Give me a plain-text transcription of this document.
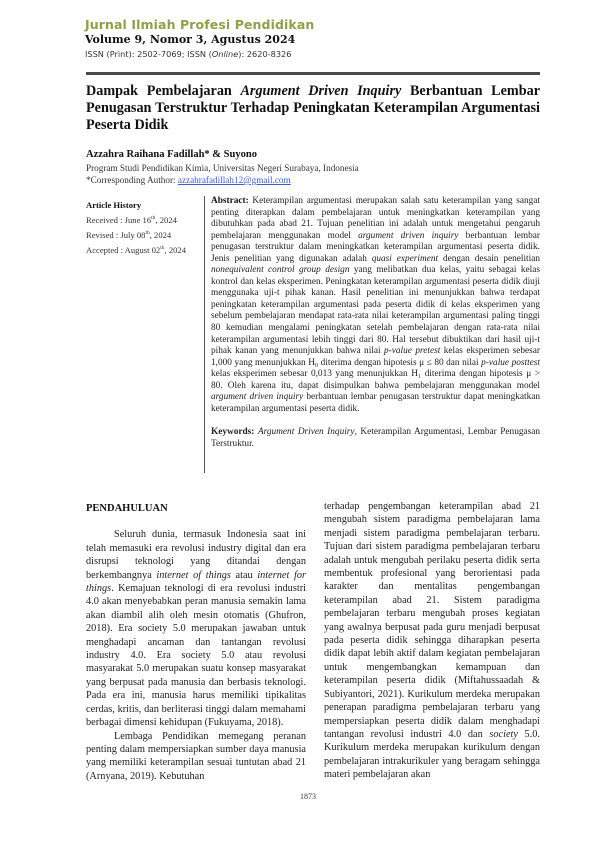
Jurnal Ilmiah Profesi Pendidikan
Volume 9, Nomor 3, Agustus 2024
ISSN (Print): 2502-7069; ISSN (Online): 2620-8326
Dampak Pembelajaran Argument Driven Inquiry Berbantuan Lembar Penugasan Terstruktur Terhadap Peningkatan Keterampilan Argumentasi Peserta Didik
Azzahra Raihana Fadillah* & Suyono
Program Studi Pendidikan Kimia, Universitas Negeri Surabaya, Indonesia
*Corresponding Author: azzahrafadillah12@gmail.com
Article History
Received : June 16th, 2024
Revised : July 08th, 2024
Accepted : August 02th, 2024

Abstract: Keterampilan argumentasi merupakan salah satu keterampilan yang sangat penting diterapkan dalam pembelajaran untuk meningkatkan keterampilan yang dibutuhkan pada abad 21. Tujuan penelitian ini adalah untuk mengetahui pengaruh pembelajaran menggunakan model argument driven inquiry berbantuan lembar penugasan terstruktur dalam meningkatkan keterampilan argumentasi peserta didik. Jenis penelitian yang digunakan adalah quasi experiment dengan desain penelitian nonequivalent control group design yang melibatkan dua kelas, yaitu sebagai kelas kontrol dan kelas eksperimen. Peningkatan keterampilan argumentasi peserta didik diuji menggunaka uji-t pihak kanan. Hasil penelitian ini menunjukkan bahwa terdapat peningkatan keterampilan argumentasi pada peserta didik di kelas eksperimen yang sebelum pembelajaran mendapat rata-rata nilai keterampilan argumentasi paling tinggi 80 kemudian mengalami peningkatan setelah pembelajaran dengan rata-rata nilai keterampilan argumentasi lebih tinggi dari 80. Hal tersebut dibuktikan dari hasil uji-t pihak kanan yang menunjukkan bahwa nilai p-value pretest kelas eksperimen sebesar 1,000 yang menunjukkan H₀ diterima dengan hipotesis μ ≤ 80 dan nilai p-value posttest kelas eksperimen sebesar 0,013 yang menunjukkan H₁ diterima dengan hipotesis μ > 80. Oleh karena itu, dapat disimpulkan bahwa pembelajaran menggunakan model argument driven inquiry berbantuan lembar penugasan terstruktur dapat meningkatkan keterampilan argumentasi peserta didik.

Keywords: Argument Driven Inquiry, Keterampilan Argumentasi, Lembar Penugasan Terstruktur.

PENDAHULUAN

Seluruh dunia, termasuk Indonesia saat ini telah memasuki era revolusi industry digital dan era disrupsi teknologi yang ditandai dengan berkembangnya internet of things atau internet for things. Kemajuan teknologi di era revolusi industri 4.0 akan menyebabkan peran manusia semakin lama akan diambil alih oleh mesin otomatis (Ghufron, 2018). Era society 5.0 merupakan jawaban untuk menghadapi ancaman dan tantangan revolusi industry 4.0. Era society 5.0 atau revolusi masyarakat 5.0 merupakan suatu konsep masyarakat yang berpusat pada manusia dan berbasis teknologi. Pada era ini, manusia harus memiliki tipikalitas cerdas, kritis, dan berliterasi tinggi dalam memahami berbagai dimensi kehidupan (Fukuyama, 2018).

Lembaga Pendidikan memegang peranan penting dalam mempersiapkan sumber daya manusia yang memiliki keterampilan sesuai tuntutan abad 21 (Arnyana, 2019). Kebutuhan

terhadap pengembangan keterampilan abad 21 mengubah sistem paradigma pembelajaran lama menjadi sistem paradigma pembelajaran terbaru. Tujuan dari sistem paradigma pembelajaran terbaru adalah untuk mengubah perilaku peserta didik serta membentuk profesional yang berorientasi pada karakter dan mentalitas pengembangan keterampilan abad 21. Sistem paradigma pembelajaran terbaru mengubah proses kegiatan yang awalnya berpusat pada guru menjadi berpusat pada peserta didik sehingga diharapkan peserta didik dapat lebih aktif dalam kegiatan pembelajaran untuk mengembangkan kemampuan dan keterampilan peserta didik (Miftahussaadah & Subiyantori, 2021). Kurikulum merdeka merupakan penerapan paradigma pembelajaran terbaru yang mempersiapkan peserta didik dalam menghadapi tantangan revolusi industri 4.0 dan society 5.0. Kurikulum merdeka merupakan kurikulum dengan pembelajaran intrakurikuler yang beragam sehingga materi pembelajaran akan

1873
